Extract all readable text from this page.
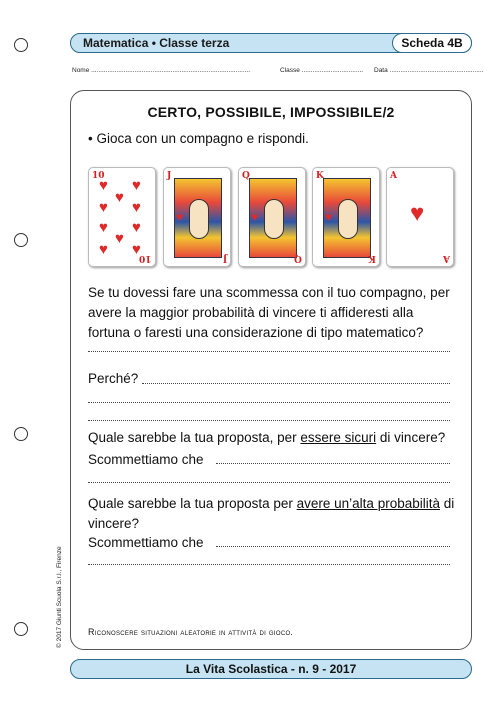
Matematica • Classe terza	Scheda 4B
Nome ........................................................................................	Classe .................................. Data ....................................................
CERTO, POSSIBILE, IMPOSSIBILE/2
• Gioca con un compagno e rispondi.
10
♥ ♥
♥
♥ ♥
♥ ♥
♥
♥ ♥
10
♥
J
J
♥
Q
Q
♥
K
K
A
♥
A
Se tu dovessi fare una scommessa con il tuo compagno, per avere la maggior probabilità di vincere ti affideresti alla fortuna o faresti una considerazione di tipo matematico?
Perché?
Quale sarebbe la tua proposta, per essere sicuri di vincere?
Scommettiamo che
Quale sarebbe la tua proposta per avere un’alta probabilità di vincere?
Scommettiamo che
Riconoscere situazioni aleatorie in attività di gioco.
La Vita Scolastica - n. 9 - 2017
© 2017 Giunti Scuola S.r.l., Firenze
